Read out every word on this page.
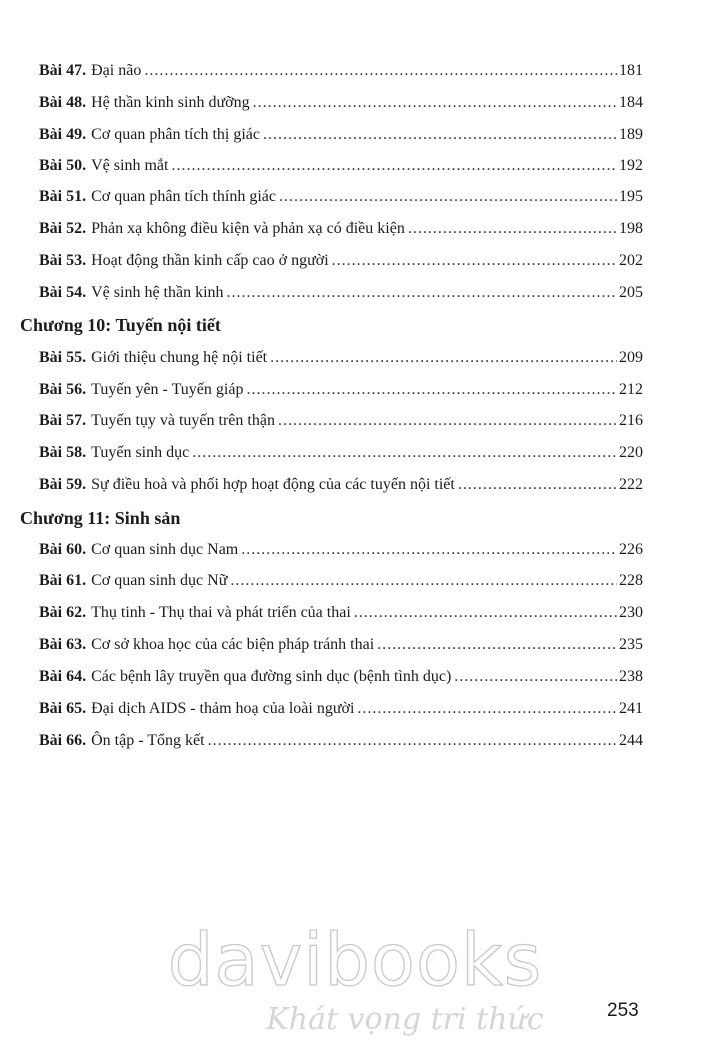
Bài 47. Đại não .....	181
Bài 48. Hệ thần kinh sinh dưỡng .....	184
Bài 49. Cơ quan phân tích thị giác .....	189
Bài 50. Vệ sinh mắt .....	192
Bài 51. Cơ quan phân tích thính giác .....	195
Bài 52. Phản xạ không điều kiện và phản xạ có điều kiện .....	198
Bài 53. Hoạt động thần kinh cấp cao ở người .....	202
Bài 54. Vệ sinh hệ thần kinh .....	205
Chương 10: Tuyến nội tiết
Bài 55. Giới thiệu chung hệ nội tiết .....	209
Bài 56. Tuyến yên - Tuyến giáp .....	212
Bài 57. Tuyến tụy và tuyến trên thận .....	216
Bài 58. Tuyến sinh dục .....	220
Bài 59. Sự điều hoà và phối hợp hoạt động của các tuyến nội tiết .....	222
Chương 11: Sinh sản
Bài 60. Cơ quan sinh dục Nam .....	226
Bài 61. Cơ quan sinh dục Nữ .....	228
Bài 62. Thụ tinh - Thụ thai và phát triển của thai .....	230
Bài 63. Cơ sở khoa học của các biện pháp tránh thai .....	235
Bài 64. Các bệnh lây truyền qua đường sinh dục (bệnh tình dục) .....	238
Bài 65. Đại dịch AIDS - thảm hoạ của loài người .....	241
Bài 66. Ôn tập - Tổng kết .....	244
davibooks
Khát vọng tri thức	253
